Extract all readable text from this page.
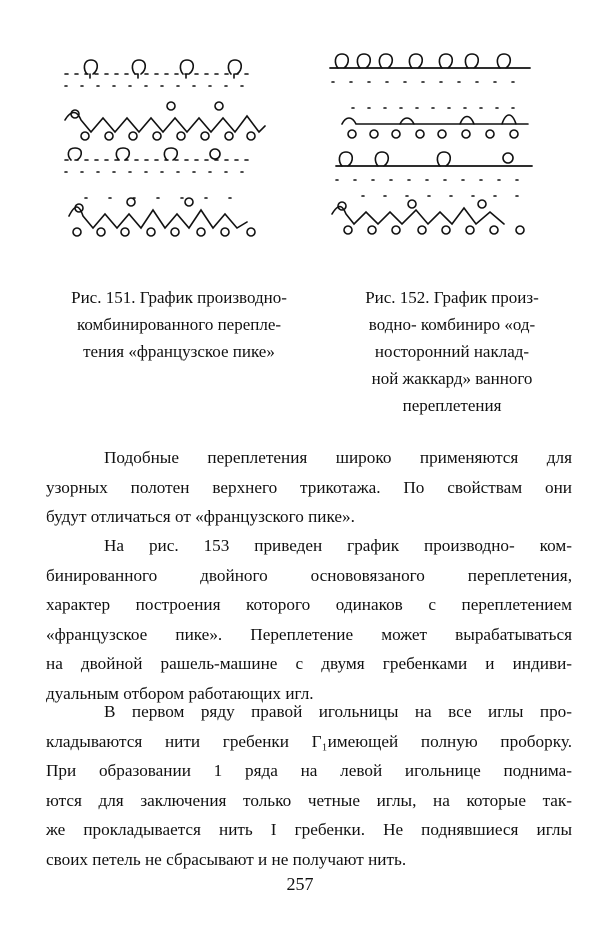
Рис. 151. График производно-
комбинированного перепле-
тения «французское пике»
Рис. 152. График произ-
водно- комбиниро «од-
носторонний наклад-
ной жаккард» ванного
переплетения
Подобные переплетения широко применяются для
узорных полотен верхнего трикотажа. По свойствам они
будут отличаться от «французского пике».
На рис. 153 приведен график производно- ком-
бинированного двойного основовязаного переплетения,
характер построения которого одинаков с переплетением
«французское пике». Переплетение может вырабатываться
на двойной рашель-машине с двумя гребенками и индиви-
дуальным отбором работающих игл.
В первом ряду правой игольницы на все иглы про-
кладываются нити гребенки Г₁имеющей полную проборку.
При образовании 1 ряда на левой игольнице поднима-
ются для заключения только четные иглы, на которые так-
же прокладывается нить I гребенки. Не поднявшиеся иглы
своих петель не сбрасывают и не получают нить.
257
